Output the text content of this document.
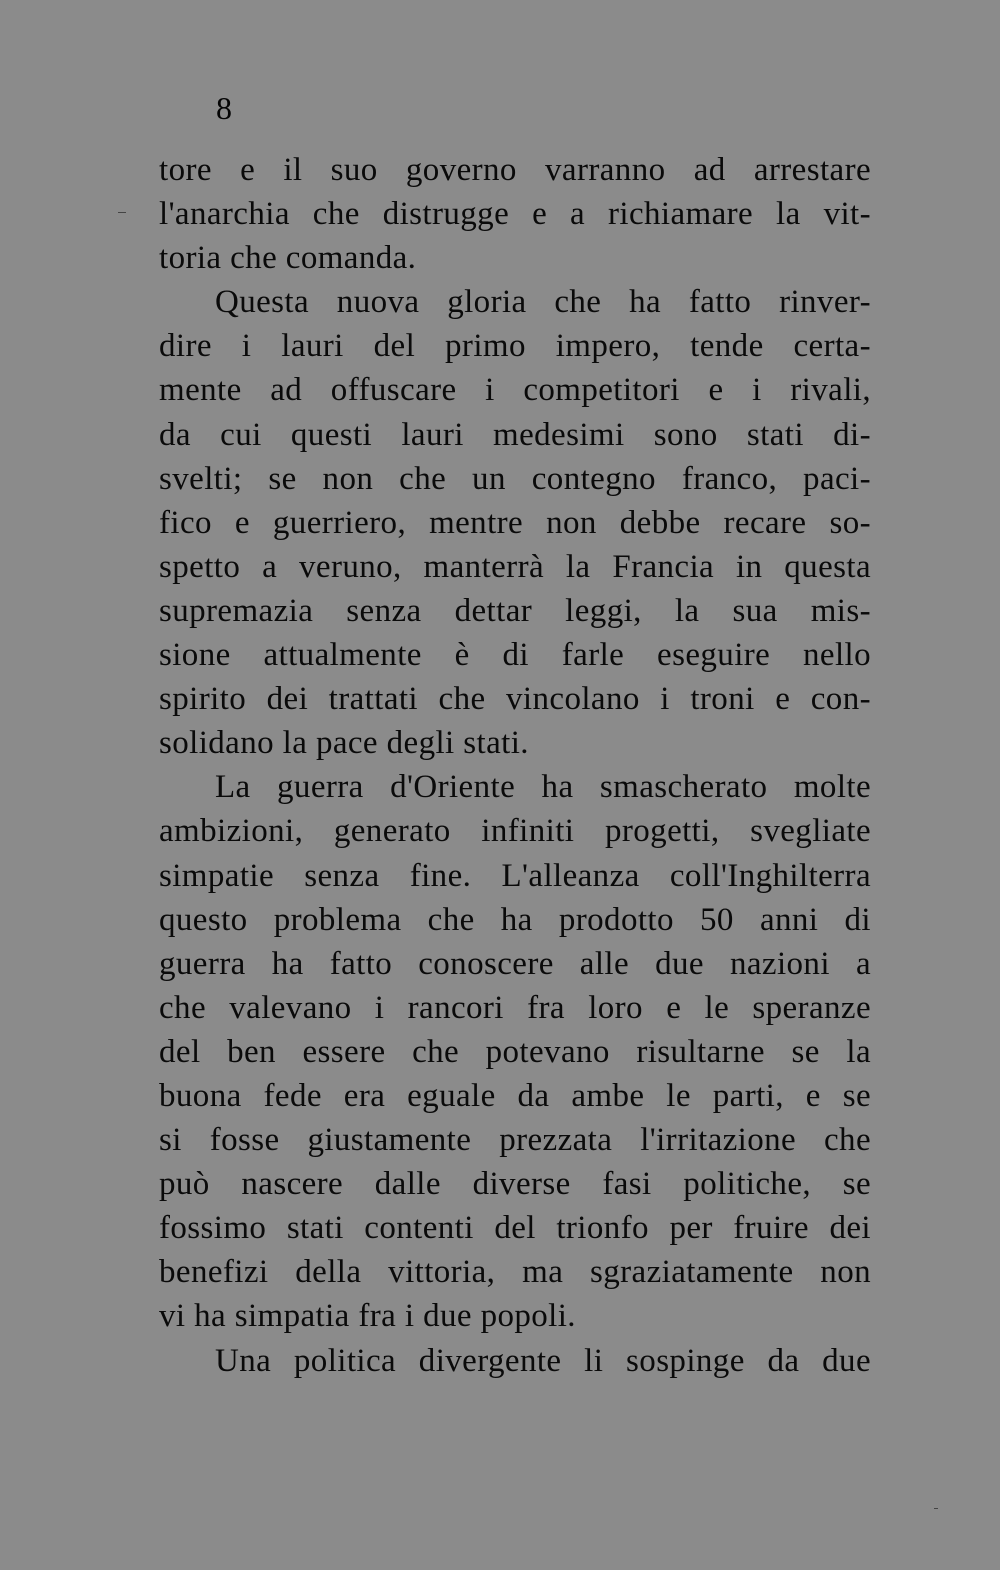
8
tore e il suo governo varranno ad arrestare
l'anarchia che distrugge e a richiamare la vit-
toria che comanda.
Questa nuova gloria che ha fatto rinver-
dire i lauri del primo impero, tende certa-
mente ad offuscare i competitori e i rivali,
da cui questi lauri medesimi sono stati di-
svelti; se non che un contegno franco, paci-
fico e guerriero, mentre non debbe recare so-
spetto a veruno, manterrà la Francia in questa
supremazia senza dettar leggi, la sua mis-
sione attualmente è di farle eseguire nello
spirito dei trattati che vincolano i troni e con-
solidano la pace degli stati.
La guerra d'Oriente ha smascherato molte
ambizioni, generato infiniti progetti, svegliate
simpatie senza fine. L'alleanza coll'Inghilterra
questo problema che ha prodotto 50 anni di
guerra ha fatto conoscere alle due nazioni a
che valevano i rancori fra loro e le speranze
del ben essere che potevano risultarne se la
buona fede era eguale da ambe le parti, e se
si fosse giustamente prezzata l'irritazione che
può nascere dalle diverse fasi politiche, se
fossimo stati contenti del trionfo per fruire dei
benefizi della vittoria, ma sgraziatamente non
vi ha simpatia fra i due popoli.
Una politica divergente li sospinge da due
